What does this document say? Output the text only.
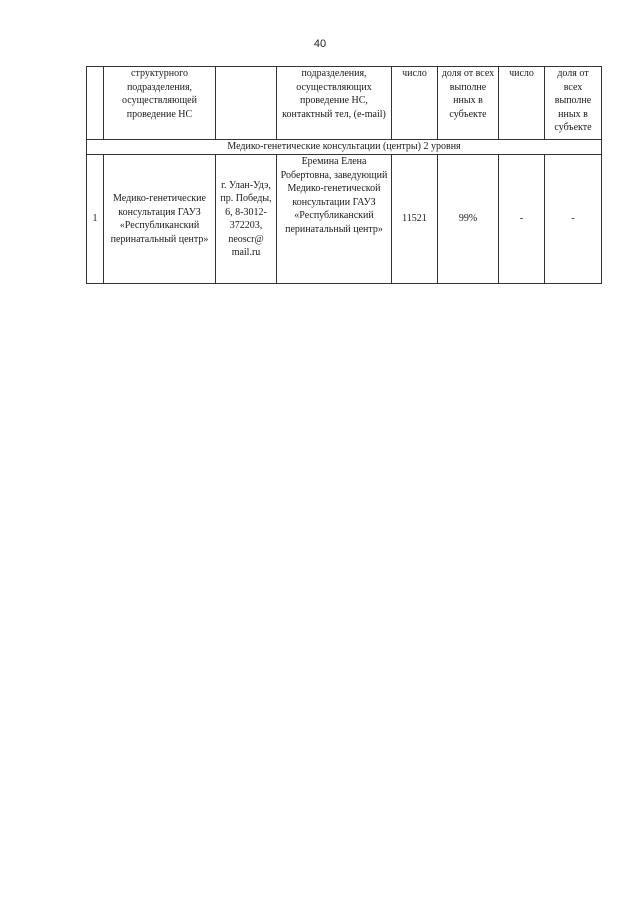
40
	структурного подразделения, осуществляющей проведение НС		подразделения, осуществляющих проведение НС, контактный тел, (e-mail)	число	доля от всех выполне нных в субъекте	число	доля от всех выполне нных в субъекте
Медико-генетические консультации (центры) 2 уровня							
1	Медико-генетические консультация ГАУЗ «Республиканский перинатальный центр»	г. Улан-Удэ, пр. Победы, 6, 8-3012-372203, neoscr@ mail.ru	Еремина Елена Робертовна, заведующий Медико-генетической консультации ГАУЗ «Республиканский перинатальный центр»	11521	99%	-	-
